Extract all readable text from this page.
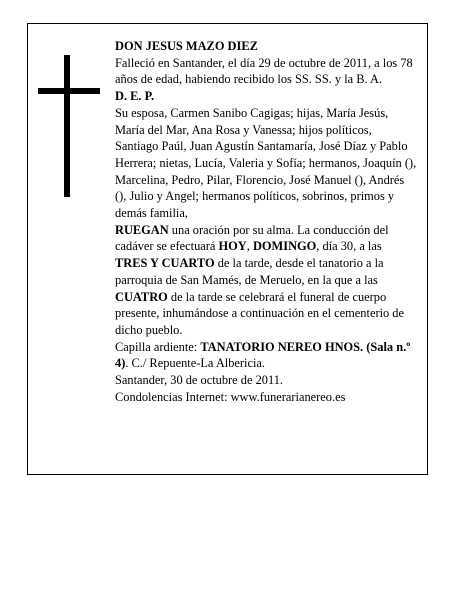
DON JESUS MAZO DIEZ

Falleció en Santander, el día 29 de octubre de 2011, a los 78 años de edad, habiendo recibido los SS. SS. y la B. A.

D. E. P.

Su esposa, Carmen Sanibo Cagigas; hijas, María Jesús, María del Mar, Ana Rosa y Vanessa; hijos políticos, Santiago Paúl, Juan Agustín Santamaría, José Díaz y Pablo Herrera; nietas, Lucía, Valeria y Sofía; hermanos, Joaquín (), Marcelina, Pedro, Pilar, Florencio, José Manuel (), Andrés (), Julio y Angel; hermanos políticos, sobrinos, primos y demás familia,

RUEGAN una oración por su alma. La conducción del cadáver se efectuará HOY, DOMINGO, día 30, a las TRES Y CUARTO de la tarde, desde el tanatorio a la parroquia de San Mamés, de Meruelo, en la que a las CUATRO de la tarde se celebrará el funeral de cuerpo presente, inhumándose a continuación en el cementerio de dicho pueblo.

Capilla ardiente: TANATORIO NEREO HNOS. (Sala n.º 4). C./ Repuente-La Albericia.

Santander, 30 de octubre de 2011.

Condolencias Internet: www.funerarianereo.es
